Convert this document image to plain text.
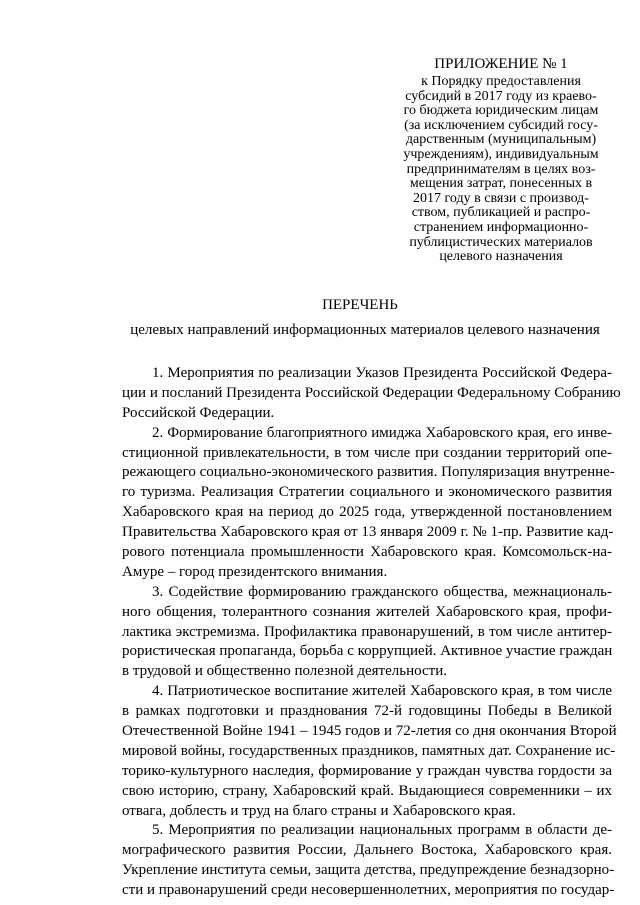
ПРИЛОЖЕНИЕ № 1
к Порядку предоставления
субсидий в 2017 году из краево-
го бюджета юридическим лицам
(за исключением субсидий госу-
дарственным (муниципальным)
учреждениям), индивидуальным
предпринимателям в целях воз-
мещения затрат, понесенных в
2017 году в связи с производ-
ством, публикацией и распро-
странением информационно-
публицистических материалов
целевого назначения
ПЕРЕЧЕНЬ
целевых направлений информационных материалов целевого назначения
1. Мероприятия по реализации Указов Президента Российской Федера-
ции и посланий Президента Российской Федерации Федеральному Собранию
Российской Федерации.
2. Формирование благоприятного имиджа Хабаровского края, его инве-
стиционной привлекательности, в том числе при создании территорий опе-
режающего социально-экономического развития. Популяризация внутренне-
го туризма. Реализация Стратегии социального и экономического развития
Хабаровского края на период до 2025 года, утвержденной постановлением
Правительства Хабаровского края от 13 января 2009 г. № 1-пр. Развитие кад-
рового потенциала промышленности Хабаровского края. Комсомольск-на-
Амуре – город президентского внимания.
3. Содействие формированию гражданского общества, межнациональ-
ного общения, толерантного сознания жителей Хабаровского края, профи-
лактика экстремизма. Профилактика правонарушений, в том числе антитер-
рористическая пропаганда, борьба с коррупцией. Активное участие граждан
в трудовой и общественно полезной деятельности.
4. Патриотическое воспитание жителей Хабаровского края, в том числе
в рамках подготовки и празднования 72-й годовщины Победы в Великой
Отечественной Войне 1941 – 1945 годов и 72-летия со дня окончания Второй
мировой войны, государственных праздников, памятных дат. Сохранение ис-
торико-культурного наследия, формирование у граждан чувства гордости за
свою историю, страну, Хабаровский край. Выдающиеся современники – их
отвага, доблесть и труд на благо страны и Хабаровского края.
5. Мероприятия по реализации национальных программ в области де-
мографического развития России, Дальнего Востока, Хабаровского края.
Укрепление института семьи, защита детства, предупреждение безнадзорно-
сти и правонарушений среди несовершеннолетних, мероприятия по государ-
